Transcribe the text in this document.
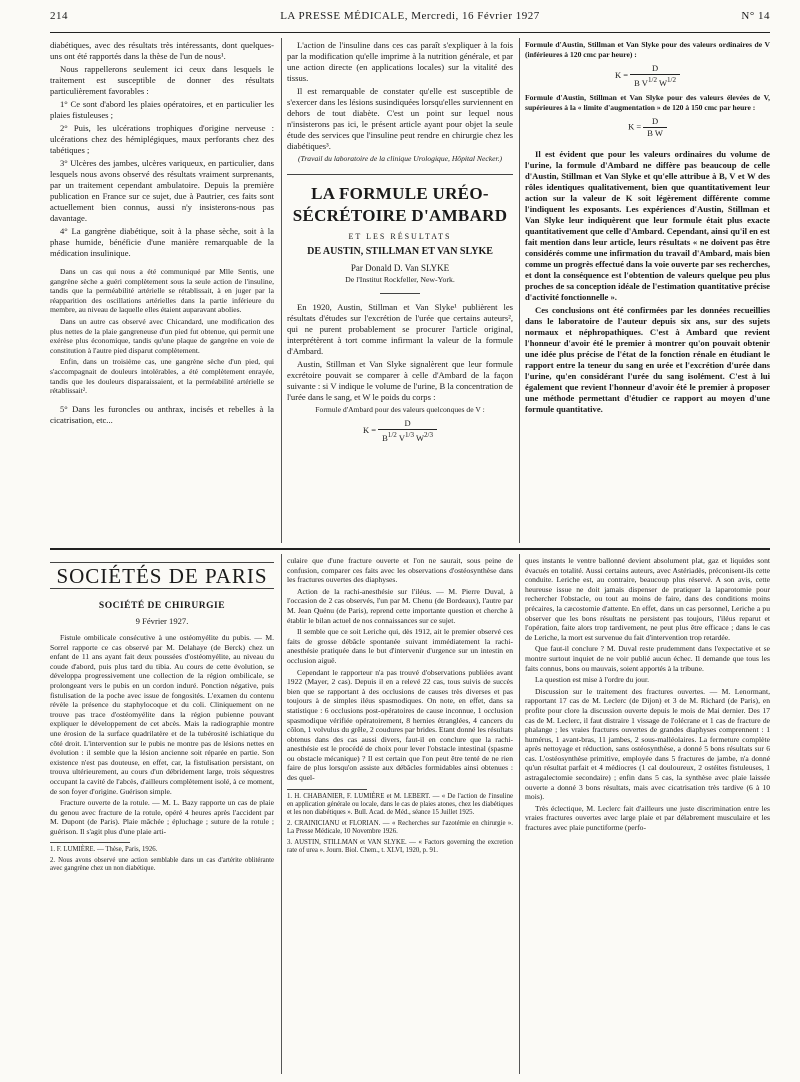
214	LA PRESSE MÉDICALE, Mercredi, 16 Février 1927	N° 14

diabétiques, avec des résultats très intéressants, dont quelques-uns ont été rapportés dans la thèse de l'un de nous¹.

Nous rappellerons seulement ici ceux dans lesquels le traitement est susceptible de donner des résultats particulièrement favorables :

1° Ce sont d'abord les plaies opératoires, et en particulier les plaies fistuleuses ;

2° Puis, les ulcérations trophiques d'origine nerveuse : ulcérations chez des hémiplégiques, maux perforants chez des tabétiques ;

3° Ulcères des jambes, ulcères variqueux, en particulier, dans lesquels nous avons observé des résultats vraiment surprenants, par un traitement cependant ambulatoire. Depuis la première publication en France sur ce sujet, due à Pautrier, ces faits sont actuellement bien connus, aussi n'y insisterons-nous pas davantage.

4° La gangrène diabétique, soit à la phase sèche, soit à la phase humide, bénéficie d'une manière remarquable de la médication insulinique.

Dans un cas qui nous a été communiqué par Mlle Sentis, une gangrène sèche a guéri complètement sous la seule action de l'insuline, tandis que la perméabilité artérielle se rétablissait, à en juger par la réapparition des oscillations artérielles dans la partie inférieure du membre, au niveau de laquelle elles étaient auparavant abolies.

Dans un autre cas observé avec Chicandard, une modification des plus nettes de la plaie gangreneuse d'un pied fut obtenue, qui permit une exérèse plus économique, tandis qu'une plaque de gangrène en voie de constitution à l'autre pied disparut complètement.

Enfin, dans un troisième cas, une gangrène sèche d'un pied, qui s'accompagnait de douleurs intolérables, a été complètement enrayée, tandis que les douleurs disparaissaient, et la perméabilité artérielle se rétablissait².

5° Dans les furoncles ou anthrax, incisés et rebelles à la cicatrisation, etc...

L'action de l'insuline dans ces cas paraît s'expliquer à la fois par la modification qu'elle imprime à la nutrition générale, et par une action directe (en applications locales) sur la vitalité des tissus.

Il est remarquable de constater qu'elle est susceptible de s'exercer dans les lésions susindiquées lorsqu'elles surviennent en dehors de tout diabète. C'est un point sur lequel nous n'insisterons pas ici, le présent article ayant pour objet la seule étude des services que l'insuline peut rendre en chirurgie chez les diabétiques³.

(Travail du laboratoire de la clinique Urologique, Hôpital Necker.)

LA FORMULE URÉO-SÉCRÉTOIRE D'AMBARD
ET LES RÉSULTATS
DE AUSTIN, STILLMAN ET VAN SLYKE
Par Donald D. Van SLYKE
De l'Institut Rockfeller, New-York.

En 1920, Austin, Stillman et Van Slyke¹ publièrent les résultats d'études sur l'excrétion de l'urée que certains auteurs², qui ne purent probablement se procurer l'article original, interprétèrent à tort comme infirmant la valeur de la formule d'Ambard.

Austin, Stillman et Van Slyke signalèrent que leur formule excrétoire pouvait se comparer à celle d'Ambard de la façon suivante : si V indique le volume de l'urine, B la concentration de l'urée dans le sang, et W le poids du corps :

Formule d'Ambard pour des valeurs quelconques de V :

$K = \frac{D}{B^{1/2} V^{1/3} W^{2/3}}$

Formule d'Austin, Stillman et Van Slyke pour des valeurs ordinaires de V (inférieures à 120 cmc par heure) :

$K = \frac{D}{B V^{1/2} W^{1/2}}$

Formule d'Austin, Stillman et Van Slyke pour des valeurs élevées de V, supérieures à la « limite d'augmentation » de 120 à 150 cmc par heure :

$K = \frac{D}{\text{B W}}$

Il est évident que pour les valeurs ordinaires du volume de l'urine, la formule d'Ambard ne diffère pas beaucoup de celle d'Austin, Stillman et Van Slyke et qu'elle attribue à B, V et W des rôles identiques qualitativement, bien que quantitativement leur action sur la valeur de K soit légèrement différente comme l'indiquent les exposants. Les expériences d'Austin, Stillman et Van Slyke leur indiquèrent que leur formule était plus exacte quantitativement que celle d'Ambard. Cependant, ainsi qu'il en est fait mention dans leur article, leurs résultats « ne doivent pas être considérés comme une infirmation du travail d'Ambard, mais bien comme un progrès effectué dans la voie ouverte par ses recherches, et dont la conséquence est l'obtention de valeurs quelque peu plus proches de sa conception idéale de l'estimation quantitative précise d'activité fonctionnelle ».

Ces conclusions ont été confirmées par les données recueillies dans le laboratoire de l'auteur depuis six ans, sur des sujets normaux et néphropathiques. C'est à Ambard que revient l'honneur d'avoir été le premier à montrer qu'on pouvait obtenir une idée plus précise de l'état de la fonction rénale en étudiant le rapport entre la teneur du sang en urée et l'excrétion d'urée dans l'urine, qu'en considérant l'urée du sang isolément. C'est à lui également que revient l'honneur d'avoir été le premier à proposer une méthode permettant d'étudier ce rapport au moyen d'une formule quantitative.

SOCIÉTÉS DE PARIS
SOCIÉTÉ DE CHIRURGIE
9 Février 1927.

Fistule ombilicale consécutive à une ostéomyélite du pubis. — M. Sorrel rapporte ce cas observé par M. Delahaye (de Berck) chez un enfant de 11 ans ayant fait deux poussées d'ostéomyélite, au niveau du coude d'abord, puis plus tard du tibia. Au cours de cette évolution, se développa progressivement une collection de la région ombilicale, se prolongeant vers le pubis en un cordon induré. Ponction négative, puis fistulisation de la poche avec issue de fongosités. L'examen du contenu révèle la présence du staphylocoque et du coli. Cliniquement on ne trouve pas trace d'ostéomyélite dans la région pubienne pouvant expliquer le développement de cet abcès. Mais la radiographie montre une érosion de la surface quadrilatère et de la tubérosité ischiatique du côté droit. L'intervention sur le pubis ne montre pas de lésions nettes en évolution : il semble que la lésion ancienne soit réparée en partie. Son existence n'est pas douteuse, en effet, car, la fistulisation persistant, on trouva ultérieurement, au cours d'un débridement large, trois séquestres occupant la cavité de l'abcès, d'ailleurs complètement isolé, à ce moment, de son foyer d'origine. Guérison simple.

Fracture ouverte de la rotule. — M. L. Bazy rapporte un cas de plaie du genou avec fracture de la rotule, opéré 4 heures après l'accident par M. Dupont (de Paris). Plaie mâchée ; épluchage ; suture de la rotule ; guérison. Il s'agit plus d'une plaie arti-

1. F. LUMIÈRE. — Thèse, Paris, 1926.

2. Nous avons observé une action semblable dans un cas d'artérite oblitérante avec gangrène chez un non diabétique.

culaire que d'une fracture ouverte et l'on ne saurait, sous peine de confusion, comparer ces faits avec les observations d'ostéosynthèse dans les fractures ouvertes des diaphyses.

Action de la rachi-anesthésie sur l'iléus. — M. Pierre Duval, à l'occasion de 2 cas observés, l'un par M. Chenu (de Bordeaux), l'autre par M. Jean Quénu (de Paris), reprend cette importante question et cherche à établir le bilan actuel de nos connaissances sur ce sujet.

Il semble que ce soit Leriche qui, dès 1912, ait le premier observé ces faits de grosse débâcle spontanée suivant immédiatement la rachi-anesthésie pratiquée dans le but d'intervenir d'urgence sur un intestin en occlusion aiguë.

Cependant le rapporteur n'a pas trouvé d'observations publiées avant 1922 (Mayer, 2 cas). Depuis il en a relevé 22 cas, tous suivis de succès bien que se rapportant à des occlusions de causes très diverses et pas toujours à de simples iléus spasmodiques. On note, en effet, dans sa statistique : 6 occlusions post-opératoires de cause inconnue, 1 occlusion spasmodique vérifiée opératoirement, 8 hernies étranglées, 4 cancers du côlon, 1 volvulus du grêle, 2 coudures par brides. Etant donné les résultats obtenus dans des cas aussi divers, faut-il en conclure que la rachi-anesthésie est le procédé de choix pour lever l'obstacle intestinal (spasme ou obstacle mécanique) ? Il est certain que l'on peut être tenté de ne rien faire de plus lorsqu'on assiste aux débâcles formidables ainsi obtenues : des quel-

1. H. CHABANIER, F. LUMIÈRE et M. LEBERT. — « De l'action de l'insuline en application générale ou locale, dans le cas de plaies atones, chez les diabétiques et les non diabétiques ». Bull. Acad. de Méd., séance 15 Juillet 1925.

2. CRAINICIANU et FLORIAN. — « Recherches sur l'azotémie en chirurgie ». La Presse Médicale, 10 Novembre 1926.

3. AUSTIN, STILLMAN et VAN SLYKE. — « Factors governing the excretion rate of urea ». Journ. Biol. Chem., t. XLVI, 1920, p. 91.

ques instants le ventre ballonné devient absolument plat, gaz et liquides sont évacués en totalité. Aussi certains auteurs, avec Astériadès, préconisent-ils cette conduite. Leriche est, au contraire, beaucoup plus réservé. A son avis, cette heureuse issue ne doit jamais dispenser de pratiquer la laparotomie pour rechercher l'obstacle, ou tout au moins de faire, dans des conditions moins précaires, la cæcostomie d'attente. En effet, dans un cas personnel, Leriche a pu observer que les bons résultats ne persistent pas toujours, l'iléus reparut et l'opération, faite alors trop tardivement, ne peut plus être efficace ; dans le cas de Leriche, la mort est survenue du fait d'intervention trop retardée.

Que faut-il conclure ? M. Duval reste prudemment dans l'expectative et se montre surtout inquiet de ne voir publié aucun échec. Il demande que tous les faits connus, bons ou mauvais, soient apportés à la tribune.

La question est mise à l'ordre du jour.

Discussion sur le traitement des fractures ouvertes. — M. Lenormant, rapportant 17 cas de M. Leclerc (de Dijon) et 3 de M. Richard (de Paris), en profite pour clore la discussion ouverte depuis le mois de Mai dernier. Des 17 cas de M. Leclerc, il faut distraire 1 vissage de l'olécrane et 1 cas de fracture de phalange ; les vraies fractures ouvertes de grandes diaphyses comprennent : 1 humérus, 1 avant-bras, 11 jambes, 2 sous-malléolaires. La fermeture complète après nettoyage et réduction, sans ostéosynthèse, a donné 5 bons résultats sur 6 cas. L'ostéosynthèse primitive, employée dans 5 fractures de jambe, n'a donné qu'un résultat parfait et 4 médiocres (1 cal douloureux, 2 ostéites fistuleuses, 1 astragalectomie secondaire) ; enfin dans 5 cas, la synthèse avec plaie laissée ouverte a donné 3 bons résultats, mais avec cicatrisation très tardive (6 à 10 mois).

Très éclectique, M. Leclerc fait d'ailleurs une juste discrimination entre les vraies fractures ouvertes avec large plaie et par délabrement musculaire et les fractures avec plaie punctiforme (perfo-
